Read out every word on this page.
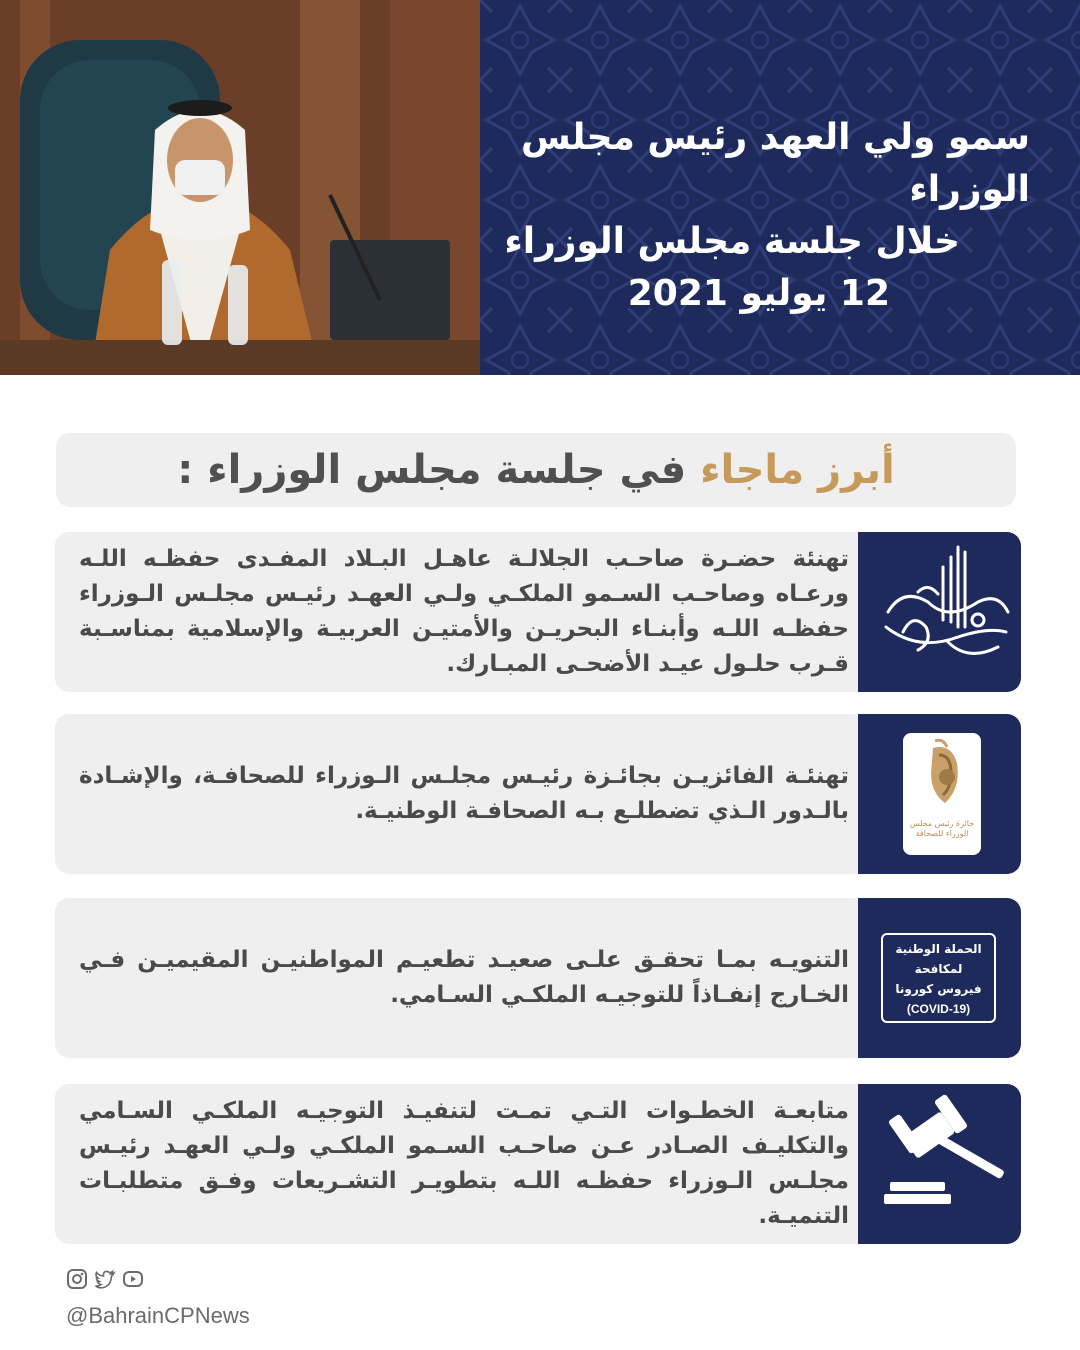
سمو ولي العهد رئيس مجلس الوزراء
خلال جلسة مجلس الوزراء
12 يوليو 2021
أبرز ماجاء في جلسة مجلس الوزراء :
تهنئة حضـرة صاحـب الجلالـة عاهـل البـلاد المفـدى حفظـه اللـه ورعـاه وصاحـب السـمو الملكـي ولـي العهـد رئيـس مجلـس الـوزراء حفظـه اللـه وأبنـاء البحريـن والأمتيـن العربيـة والإسلامية بمناسـبة قـرب حلـول عيـد الأضحـى المبـارك.
جائزة رئيس مجلس الوزراء للصحافة
تهنئـة الفائزيـن بجائـزة رئيـس مجلـس الـوزراء للصحافـة، والإشـادة بالـدور الـذي تضطلـع بـه الصحافـة الوطنيـة.
الحملة الوطنية
لمكافحة
فيروس كورونا
(COVID-19)
التنويـه بمـا تحقـق علـى صعيـد تطعيـم المواطنيـن المقيميـن فـي الخـارج إنفـاذاً للتوجيـه الملكـي السـامي.
متابعـة الخطـوات التـي تمـت لتنفيـذ التوجيـه الملكـي السـامي والتكليـف الصـادر عـن صاحـب السـمو الملكـي ولـي العهـد رئيـس مجلـس الـوزراء حفظـه اللـه بتطويـر التشـريعات وفـق متطلبـات التنميـة.
@BahrainCPNews
